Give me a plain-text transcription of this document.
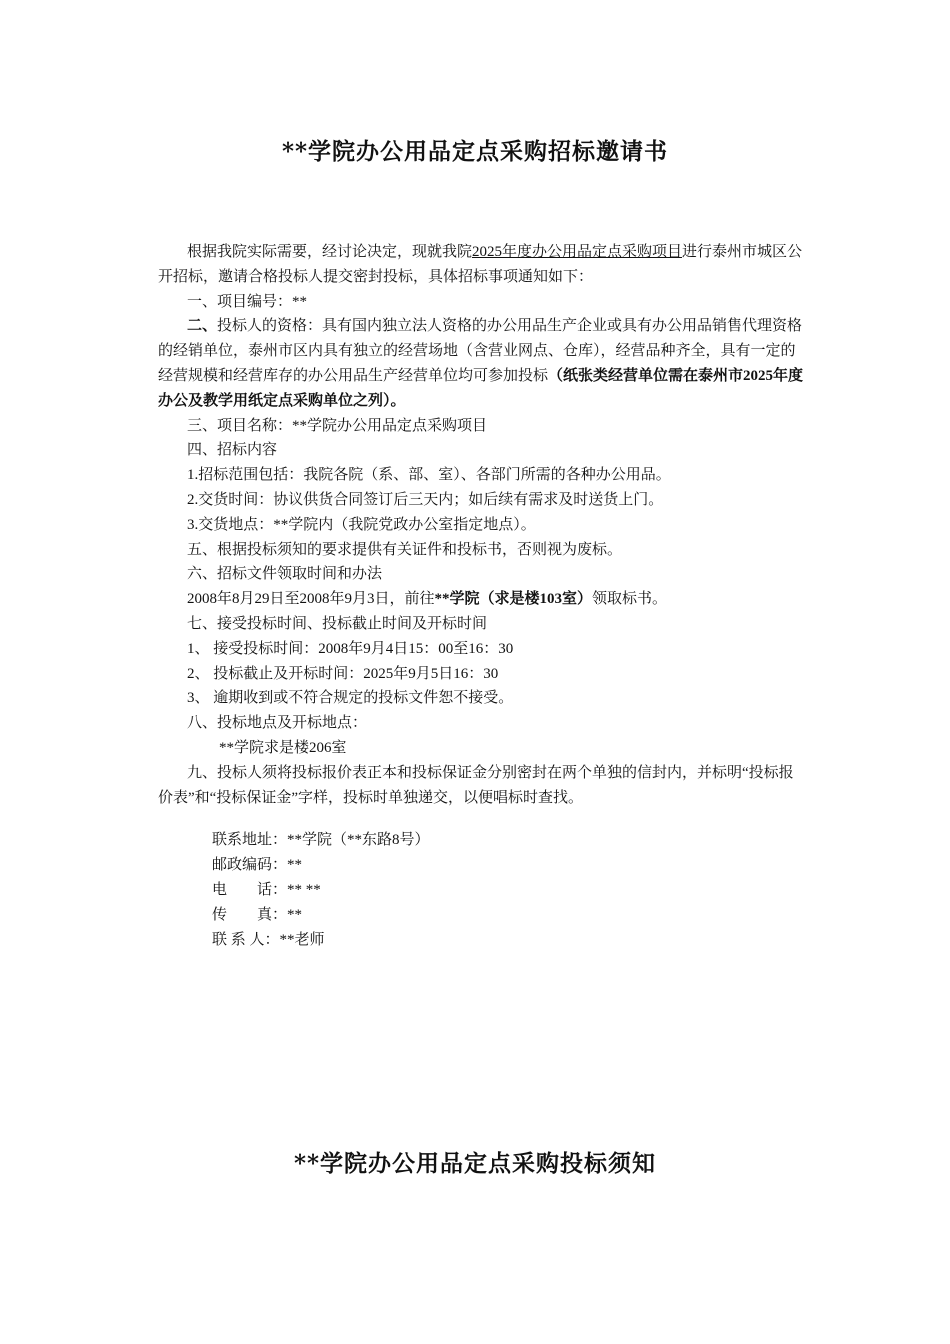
**学院办公用品定点采购招标邀请书

根据我院实际需要，经讨论决定，现就我院2025年度办公用品定点采购项目进行泰州市城区公开招标，邀请合格投标人提交密封投标，具体招标事项通知如下：

一、项目编号：**

二、投标人的资格：具有国内独立法人资格的办公用品生产企业或具有办公用品销售代理资格的经销单位，泰州市区内具有独立的经营场地（含营业网点、仓库），经营品种齐全，具有一定的经营规模和经营库存的办公用品生产经营单位均可参加投标（纸张类经营单位需在泰州市2025年度办公及教学用纸定点采购单位之列）。

三、项目名称：**学院办公用品定点采购项目

四、招标内容

1.招标范围包括：我院各院（系、部、室）、各部门所需的各种办公用品。

2.交货时间：协议供货合同签订后三天内；如后续有需求及时送货上门。

3.交货地点：**学院内（我院党政办公室指定地点）。

五、根据投标须知的要求提供有关证件和投标书，否则视为废标。

六、招标文件领取时间和办法

2008年8月29日至2008年9月3日，前往**学院（求是楼103室）领取标书。

七、接受投标时间、投标截止时间及开标时间

1、 接受投标时间：2008年9月4日15：00至16：30

2、 投标截止及开标时间：2025年9月5日16：30

3、 逾期收到或不符合规定的投标文件恕不接受。

八、投标地点及开标地点：

**学院求是楼206室

九、投标人须将投标报价表正本和投标保证金分别密封在两个单独的信封内，并标明“投标报价表”和“投标保证金”字样，投标时单独递交，以便唱标时查找。

联系地址：**学院（**东路8号）

邮政编码：**

电　　话：** **

传　　真：**

联 系 人：**老师

**学院办公用品定点采购投标须知
